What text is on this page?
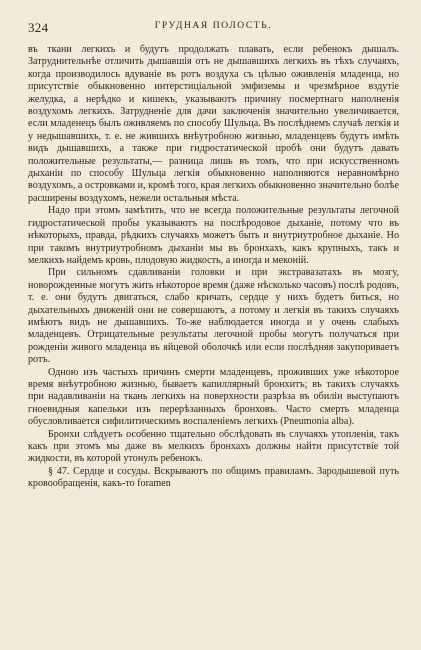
324	ГРУДНАЯ ПОЛОСТЬ.

въ ткани легкихъ и будутъ продолжать плавать, если ребенокъ дышалъ. Затруднительнѣе отличить дышавшія отъ не дышавшихъ легкихъ въ тѣхъ случаяхъ, когда производилось вдуваніе въ ротъ воздуха съ цѣлью оживленія младенца, но присутствіе обыкновенно интерстиціальной эмфиземы и чрезмѣрное вздутіе желудка, а нерѣдко и кишекъ, указываютъ причину посмертнаго наполненія воздухомъ легкихъ. Затрудненіе для дачи заключенія значительно увеличивается, если младенецъ былъ оживляемъ по способу Шульца. Въ послѣднемъ случаѣ легкія и у недышавшихъ, т. е. не жившихъ внѣутробною жизнью, младенцевъ будутъ имѣть видъ дышавшихъ, а также при гидростатической пробѣ они будутъ давать положительные результаты,— разница лишь въ томъ, что при искусственномъ дыханіи по способу Шульца легкія обыкновенно наполняются неравномѣрно воздухомъ, а островками и, кромѣ того, края легкихъ обыкновенно значительно болѣе расширены воздухомъ, нежели остальныя мѣста.

Надо при этомъ замѣтить, что не всегда положительные результаты легочной гидростатической пробы указываютъ на послѣродовое дыханіе, потому что въ нѣкоторыхъ, правда, рѣдкихъ случаяхъ можетъ быть и внутриутробное дыханіе. Но при такомъ внутриутробномъ дыханіи мы въ бронхахъ, какъ крупныхъ, такъ и мелкихъ найдемъ кровь, плодовую жидкость, а иногда и меконій.

При сильномъ сдавливаніи головки и при экстравазатахъ въ мозгу, новорожденные могутъ жить нѣкоторое время (даже нѣсколько часовъ) послѣ родовъ, т. е. они будутъ двигаться, слабо кричать, сердце у нихъ будетъ биться, но дыхательныхъ движеній они не совершаютъ, а потому и легкія въ такихъ случаяхъ имѣютъ видъ не дышавшихъ. То-же наблюдается иногда и у очень слабыхъ младенцевъ. Отрицательные результаты легочной пробы могутъ получаться при рожденіи живого младенца въ яйцевой оболочкѣ или если послѣдняя закупориваетъ ротъ.

Одною изъ частыхъ причинъ смерти младенцевъ, проживших уже нѣкоторое время внѣутробною жизнью, бываетъ капиллярный бронхитъ; въ такихъ случаяхъ при надавливаніи на ткань легкихъ на поверхности разрѣза въ обиліи выступаютъ гноевидныя капельки изъ перерѣзанныхъ бронховъ. Часто смерть младенца обусловливается сифилитическимъ воспаленіемъ легкихъ (Pneumonia alba).

Бронхи слѣдуетъ особенно тщательно обслѣдовать въ случаяхъ утопленія, такъ какъ при этомъ мы даже въ мелкихъ бронхахъ должны найти присутствіе той жидкости, въ которой утонулъ ребенокъ.

§ 47. Сердце и сосуды. Вскрываютъ по общимъ правиламъ. Зародышевой путь кровообращенія, какъ-то foramen
